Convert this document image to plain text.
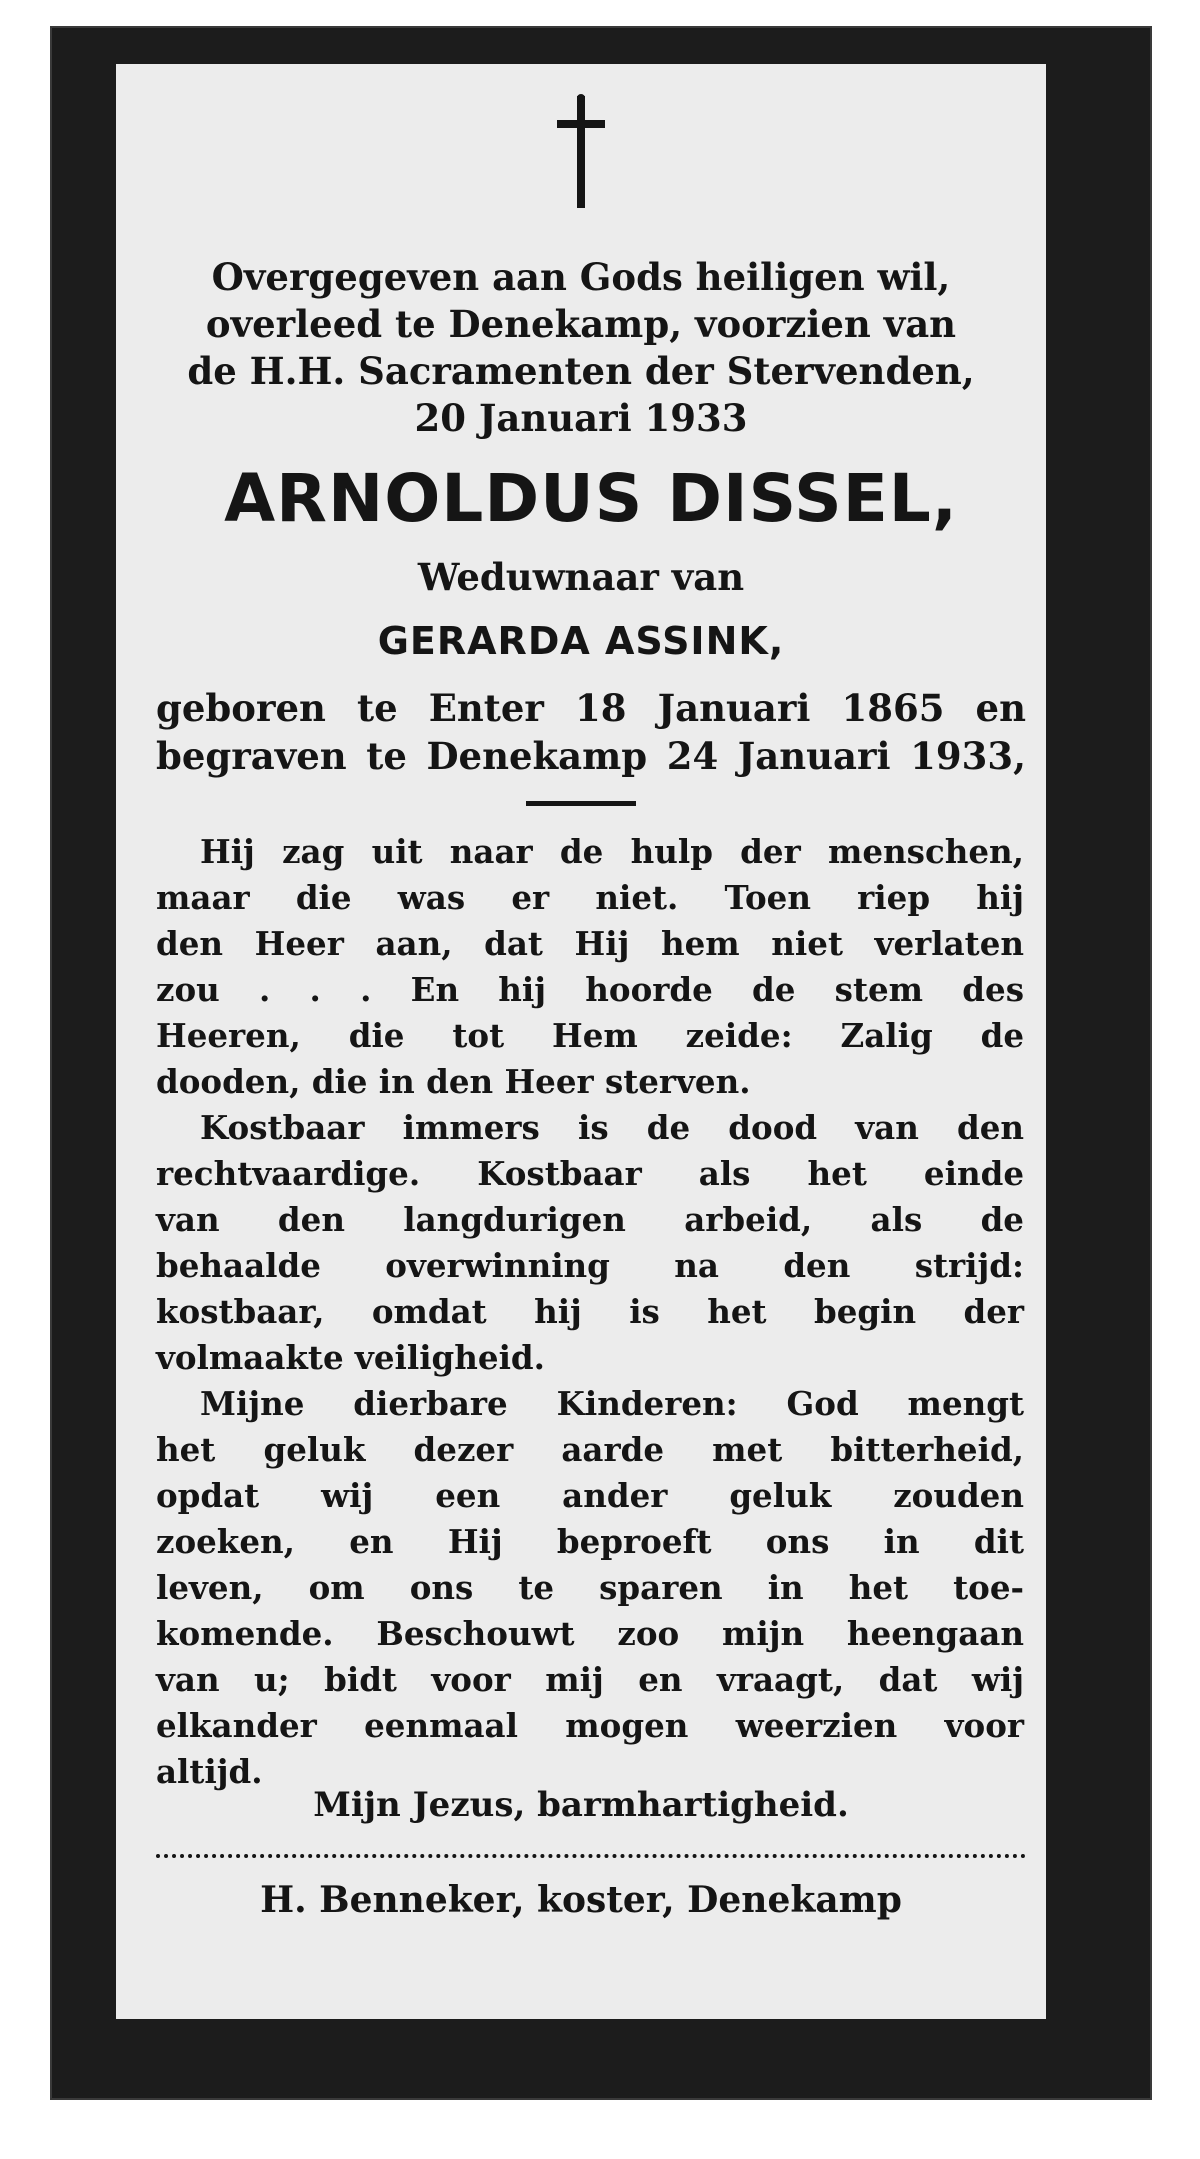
Overgegeven aan Gods heiligen wil,
overleed te Denekamp, voorzien van
de H.H. Sacramenten der Stervenden,
20 Januari 1933
ARNOLDUS DISSEL,
Weduwnaar van
GERARDA ASSINK,
geboren te Enter 18 Januari 1865 en
begraven te Denekamp 24 Januari 1933,
Hij zag uit naar de hulp der menschen,
maar die was er niet. Toen riep hij
den Heer aan, dat Hij hem niet verlaten
zou . . . En hij hoorde de stem des
Heeren, die tot Hem zeide: Zalig de
dooden, die in den Heer sterven.
Kostbaar immers is de dood van den
rechtvaardige. Kostbaar als het einde
van den langdurigen arbeid, als de
behaalde overwinning na den strijd:
kostbaar, omdat hij is het begin der
volmaakte veiligheid.
Mijne dierbare Kinderen: God mengt
het geluk dezer aarde met bitterheid,
opdat wij een ander geluk zouden
zoeken, en Hij beproeft ons in dit
leven, om ons te sparen in het toe-
komende. Beschouwt zoo mijn heengaan
van u; bidt voor mij en vraagt, dat wij
elkander eenmaal mogen weerzien voor
altijd.
Mijn Jezus, barmhartigheid.
H. Benneker, koster, Denekamp
